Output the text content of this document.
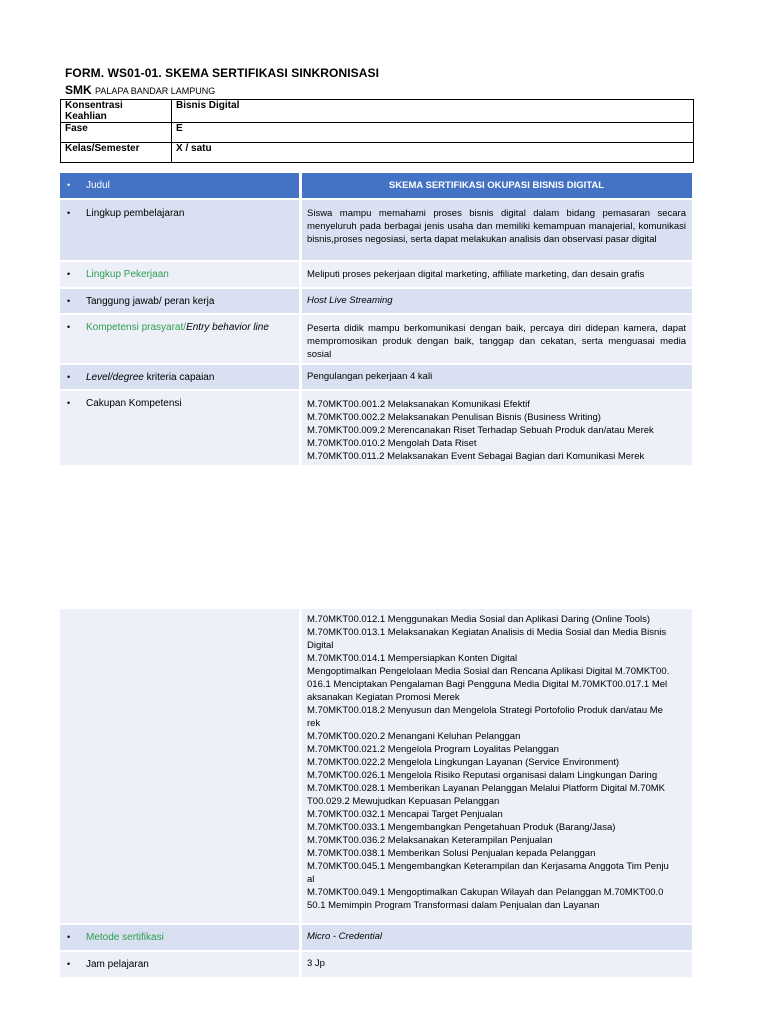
FORM. WS01-01. SKEMA SERTIFIKASI SINKRONISASI
SMK PALAPA BANDAR LAMPUNG
Konsentrasi Keahlian	Bisnis Digital
Fase	E
Kelas/Semester	X / satu
• Judul	SKEMA SERTIFIKASI OKUPASI BISNIS DIGITAL
• Lingkup pembelajaran	Siswa mampu memahami proses bisnis digital dalam bidang pemasaran secara menyeluruh pada berbagai jenis usaha dan memiliki kemampuan manajerial, komunikasi bisnis,proses negosiasi, serta dapat melakukan analisis dan observasi pasar digital
• Lingkup Pekerjaan	Meliputi proses pekerjaan digital marketing, affiliate marketing, dan desain grafis
• Tanggung jawab/ peran kerja	Host Live Streaming
• Kompetensi prasyarat/Entry behavior line	Peserta didik mampu berkomunikasi dengan baik, percaya diri didepan kamera, dapat mempromosikan produk dengan baik, tanggap dan cekatan, serta menguasai media sosial
• Level/degree kriteria capaian	Pengulangan pekerjaan 4 kali
• Cakupan Kompetensi	M.70MKT00.001.2 Melaksanakan Komunikasi Efektif
M.70MKT00.002.2 Melaksanakan Penulisan Bisnis (Business Writing)
M.70MKT00.009.2 Merencanakan Riset Terhadap Sebuah Produk dan/atau Merek
M.70MKT00.010.2 Mengolah Data Riset
M.70MKT00.011.2 Melaksanakan Event Sebagai Bagian dari Komunikasi Merek
M.70MKT00.012.1 Menggunakan Media Sosial dan Aplikasi Daring (Online Tools)
M.70MKT00.013.1 Melaksanakan Kegiatan Analisis di Media Sosial dan Media Bisnis
Digital
M.70MKT00.014.1 Mempersiapkan Konten Digital
Mengoptimalkan Pengelolaan Media Sosial dan Rencana Aplikasi Digital M.70MKT00.
016.1 Menciptakan Pengalaman Bagi Pengguna Media Digital M.70MKT00.017.1 Mel
aksanakan Kegiatan Promosi Merek
M.70MKT00.018.2 Menyusun dan Mengelola Strategi Portofolio Produk dan/atau Me
rek
M.70MKT00.020.2 Menangani Keluhan Pelanggan
M.70MKT00.021.2 Mengelola Program Loyalitas Pelanggan
M.70MKT00.022.2 Mengelola Lingkungan Layanan (Service Environment)
M.70MKT00.026.1 Mengelola Risiko Reputasi organisasi dalam Lingkungan Daring
M.70MKT00.028.1 Memberikan Layanan Pelanggan Melalui Platform Digital M.70MK
T00.029.2 Mewujudkan Kepuasan Pelanggan
M.70MKT00.032.1 Mencapai Target Penjualan
M.70MKT00.033.1 Mengembangkan Pengetahuan Produk (Barang/Jasa)
M.70MKT00.036.2 Melaksanakan Keterampilan Penjualan
M.70MKT00.038.1 Memberikan Solusi Penjualan kepada Pelanggan
M.70MKT00.045.1 Mengembangkan Keterampilan dan Kerjasama Anggota Tim Penju
al
M.70MKT00.049.1 Mengoptimalkan Cakupan Wilayah dan Pelanggan M.70MKT00.0
50.1 Memimpin Program Transformasi dalam Penjualan dan Layanan
• Metode sertifikasi	Micro - Credential
• Jam pelajaran	3 Jp
